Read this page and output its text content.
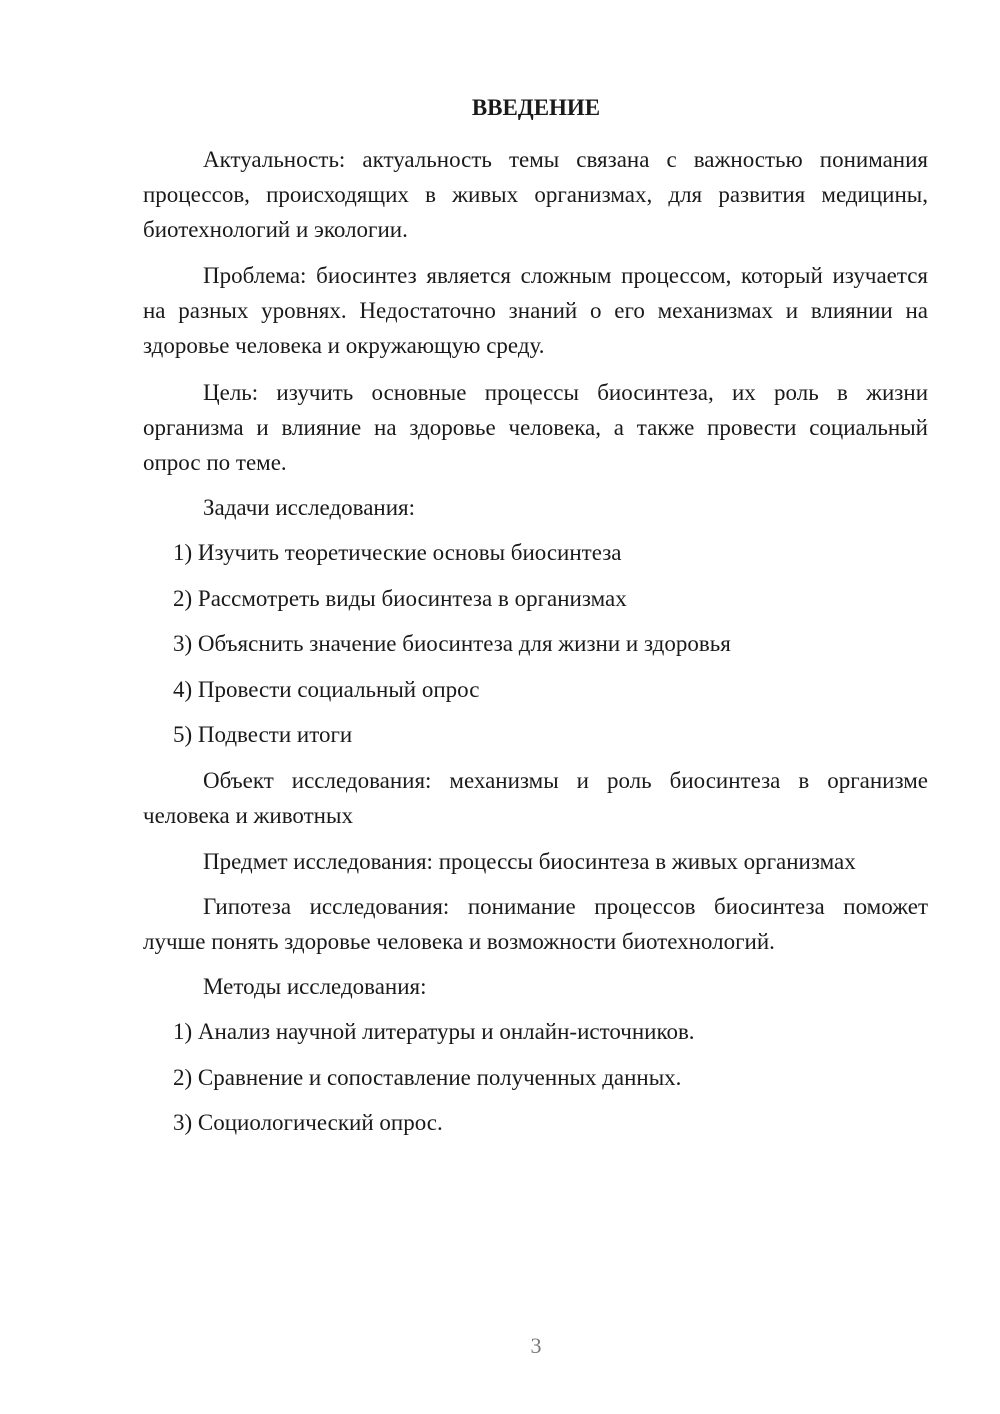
ВВЕДЕНИЕ
Актуальность: актуальность темы связана с важностью понимания процессов, происходящих в живых организмах, для развития медицины, биотехнологий и экологии.
Проблема: биосинтез является сложным процессом, который изучается на разных уровнях. Недостаточно знаний о его механизмах и влиянии на здоровье человека и окружающую среду.
Цель: изучить основные процессы биосинтеза, их роль в жизни организма и влияние на здоровье человека, а также провести социальный опрос по теме.
Задачи исследования:
1) Изучить теоретические основы биосинтеза
2) Рассмотреть виды биосинтеза в организмах
3) Объяснить значение биосинтеза для жизни и здоровья
4) Провести социальный опрос
5) Подвести итоги
Объект исследования: механизмы и роль биосинтеза в организме человека и животных
Предмет исследования: процессы биосинтеза в живых организмах
Гипотеза исследования: понимание процессов биосинтеза поможет лучше понять здоровье человека и возможности биотехнологий.
Методы исследования:
1) Анализ научной литературы и онлайн-источников.
2) Сравнение и сопоставление полученных данных.
3) Социологический опрос.
3
